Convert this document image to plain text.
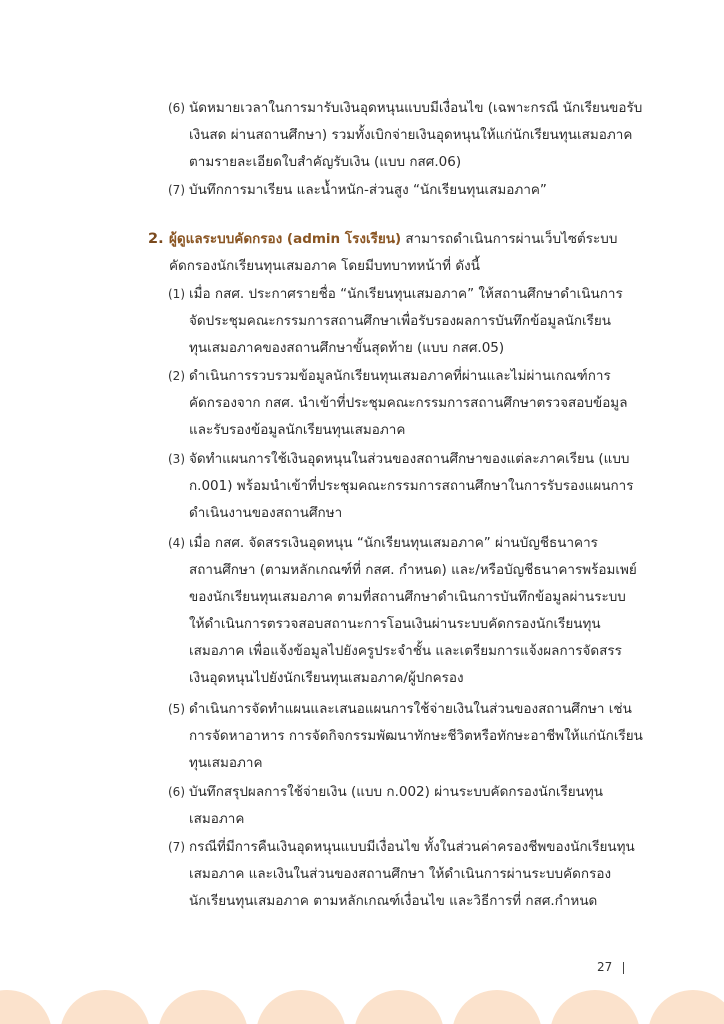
(6) นัดหมายเวลาในการมารับเงินอุดหนุนแบบมีเงื่อนไข (เฉพาะกรณี นักเรียนขอรับ
เงินสด ผ่านสถานศึกษา) รวมทั้งเบิกจ่ายเงินอุดหนุนให้แก่นักเรียนทุนเสมอภาค
ตามรายละเอียดใบสำคัญรับเงิน (แบบ กสศ.06)
(7) บันทึกการมาเรียน และน้ำหนัก-ส่วนสูง “นักเรียนทุนเสมอภาค”
2. ผู้ดูแลระบบคัดกรอง (admin โรงเรียน) สามารถดำเนินการผ่านเว็บไซต์ระบบ
คัดกรองนักเรียนทุนเสมอภาค โดยมีบทบาทหน้าที่ ดังนี้
(1) เมื่อ กสศ. ประกาศรายชื่อ “นักเรียนทุนเสมอภาค” ให้สถานศึกษาดำเนินการ
จัดประชุมคณะกรรมการสถานศึกษาเพื่อรับรองผลการบันทึกข้อมูลนักเรียน
ทุนเสมอภาคของสถานศึกษาขั้นสุดท้าย (แบบ กสศ.05)
(2) ดำเนินการรวบรวมข้อมูลนักเรียนทุนเสมอภาคที่ผ่านและไม่ผ่านเกณฑ์การ
คัดกรองจาก กสศ. นำเข้าที่ประชุมคณะกรรมการสถานศึกษาตรวจสอบข้อมูล
และรับรองข้อมูลนักเรียนทุนเสมอภาค
(3) จัดทำแผนการใช้เงินอุดหนุนในส่วนของสถานศึกษาของแต่ละภาคเรียน (แบบ
ก.001) พร้อมนำเข้าที่ประชุมคณะกรรมการสถานศึกษาในการรับรองแผนการ
ดำเนินงานของสถานศึกษา
(4) เมื่อ กสศ. จัดสรรเงินอุดหนุน “นักเรียนทุนเสมอภาค” ผ่านบัญชีธนาคาร
สถานศึกษา (ตามหลักเกณฑ์ที่ กสศ. กำหนด) และ/หรือบัญชีธนาคารพร้อมเพย์
ของนักเรียนทุนเสมอภาค ตามที่สถานศึกษาดำเนินการบันทึกข้อมูลผ่านระบบ
ให้ดำเนินการตรวจสอบสถานะการโอนเงินผ่านระบบคัดกรองนักเรียนทุน
เสมอภาค เพื่อแจ้งข้อมูลไปยังครูประจำชั้น และเตรียมการแจ้งผลการจัดสรร
เงินอุดหนุนไปยังนักเรียนทุนเสมอภาค/ผู้ปกครอง
(5) ดำเนินการจัดทำแผนและเสนอแผนการใช้จ่ายเงินในส่วนของสถานศึกษา เช่น
การจัดหาอาหาร การจัดกิจกรรมพัฒนาทักษะชีวิตหรือทักษะอาชีพให้แก่นักเรียน
ทุนเสมอภาค
(6) บันทึกสรุปผลการใช้จ่ายเงิน (แบบ ก.002) ผ่านระบบคัดกรองนักเรียนทุน
เสมอภาค
(7) กรณีที่มีการคืนเงินอุดหนุนแบบมีเงื่อนไข ทั้งในส่วนค่าครองชีพของนักเรียนทุน
เสมอภาค และเงินในส่วนของสถานศึกษา ให้ดำเนินการผ่านระบบคัดกรอง
นักเรียนทุนเสมอภาค ตามหลักเกณฑ์เงื่อนไข และวิธีการที่ กสศ.กำหนด
27
